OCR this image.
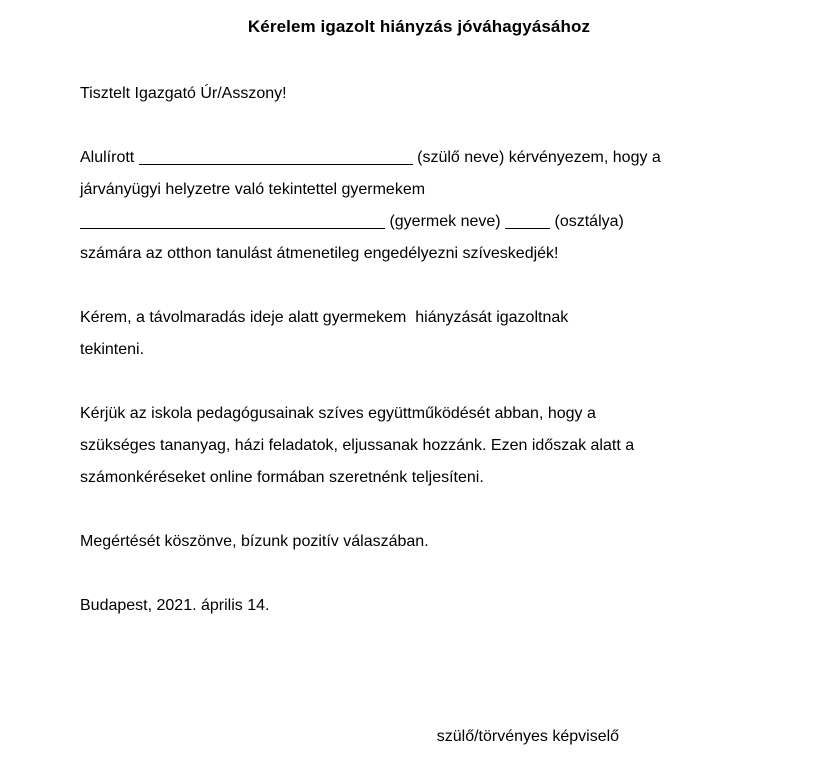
Kérelem igazolt hiányzás jóváhagyásához
Tisztelt Igazgató Úr/Asszony!
Alulírott	(szülő neve) kérvényezem, hogy a
járványügyi helyzetre való tekintettel gyermekem
(gyermek neve)	(osztálya)
számára az otthon tanulást átmenetileg engedélyezni szíveskedjék!
Kérem, a távolmaradás ideje alatt gyermekem  hiányzását igazoltnak
tekinteni.
Kérjük az iskola pedagógusainak szíves együttműködését abban, hogy a
szükséges tananyag, házi feladatok, eljussanak hozzánk. Ezen időszak alatt a
számonkéréseket online formában szeretnénk teljesíteni.
Megértését köszönve, bízunk pozitív válaszában.
Budapest, 2021. április 14.

szülő/törvényes képviselő
